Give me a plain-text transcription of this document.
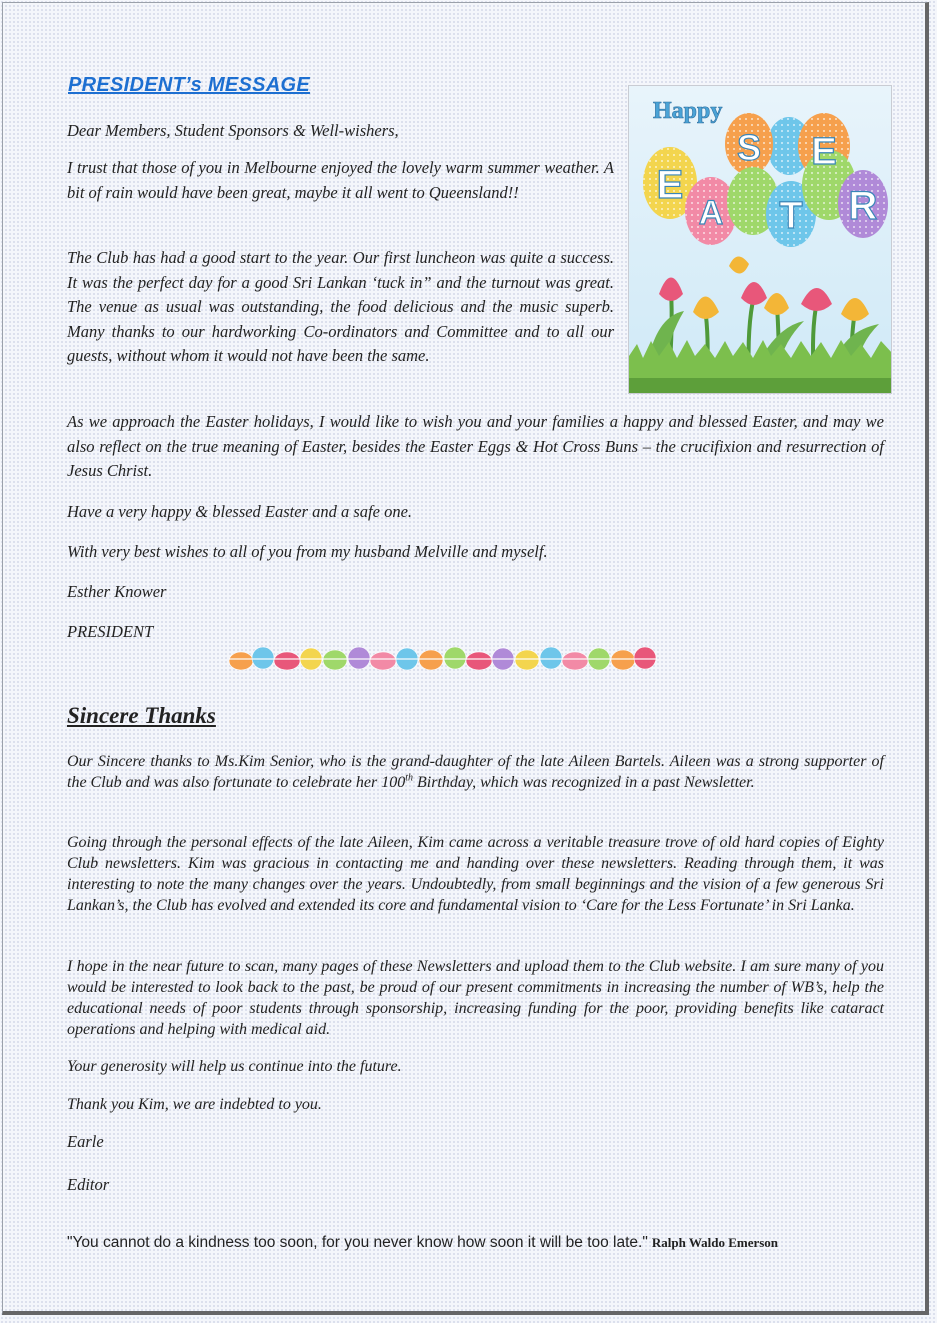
PRESIDENT’s MESSAGE

Dear Members, Student Sponsors & Well-wishers,

I trust that those of you in Melbourne enjoyed the lovely warm summer weather. A bit of rain would have been great, maybe it all went to Queensland!!

The Club has had a good start to the year. Our first luncheon was quite a success. It was the perfect day for a good Sri Lankan ‘tuck in” and the turnout was great. The venue as usual was outstanding, the food delicious and the music superb. Many thanks to our hardworking Co-ordinators and Committee and to all our guests, without whom it would not have been the same.

As we approach the Easter holidays, I would like to wish you and your families a happy and blessed Easter, and may we also reflect on the true meaning of Easter, besides the Easter Eggs & Hot Cross Buns – the crucifixion and resurrection of Jesus Christ.

Have a very happy & blessed Easter and a safe one.

With very best wishes to all of you from my husband Melville and myself.

Esther Knower

PRESIDENT

Happy
E
A
S
T
E
R
Sincere Thanks

Our Sincere thanks to Ms.Kim Senior, who is the grand-daughter of the late Aileen Bartels. Aileen was a strong supporter of the Club and was also fortunate to celebrate her 100th Birthday, which was recognized in a past Newsletter.

Going through the personal effects of the late Aileen, Kim came across a veritable treasure trove of old hard copies of Eighty Club newsletters. Kim was gracious in contacting me and handing over these newsletters. Reading through them, it was interesting to note the many changes over the years. Undoubtedly, from small beginnings and the vision of a few generous Sri Lankan’s, the Club has evolved and extended its core and fundamental vision to ‘Care for the Less Fortunate’ in Sri Lanka.

I hope in the near future to scan, many pages of these Newsletters and upload them to the Club website. I am sure many of you would be interested to look back to the past, be proud of our present commitments in increasing the number of WB’s, help the educational needs of poor students through sponsorship, increasing funding for the poor, providing benefits like cataract operations and helping with medical aid.

Your generosity will help us continue into the future.

Thank you Kim, we are indebted to you.

Earle

Editor

"You cannot do a kindness too soon, for you never know how soon it will be too late." Ralph Waldo Emerson
